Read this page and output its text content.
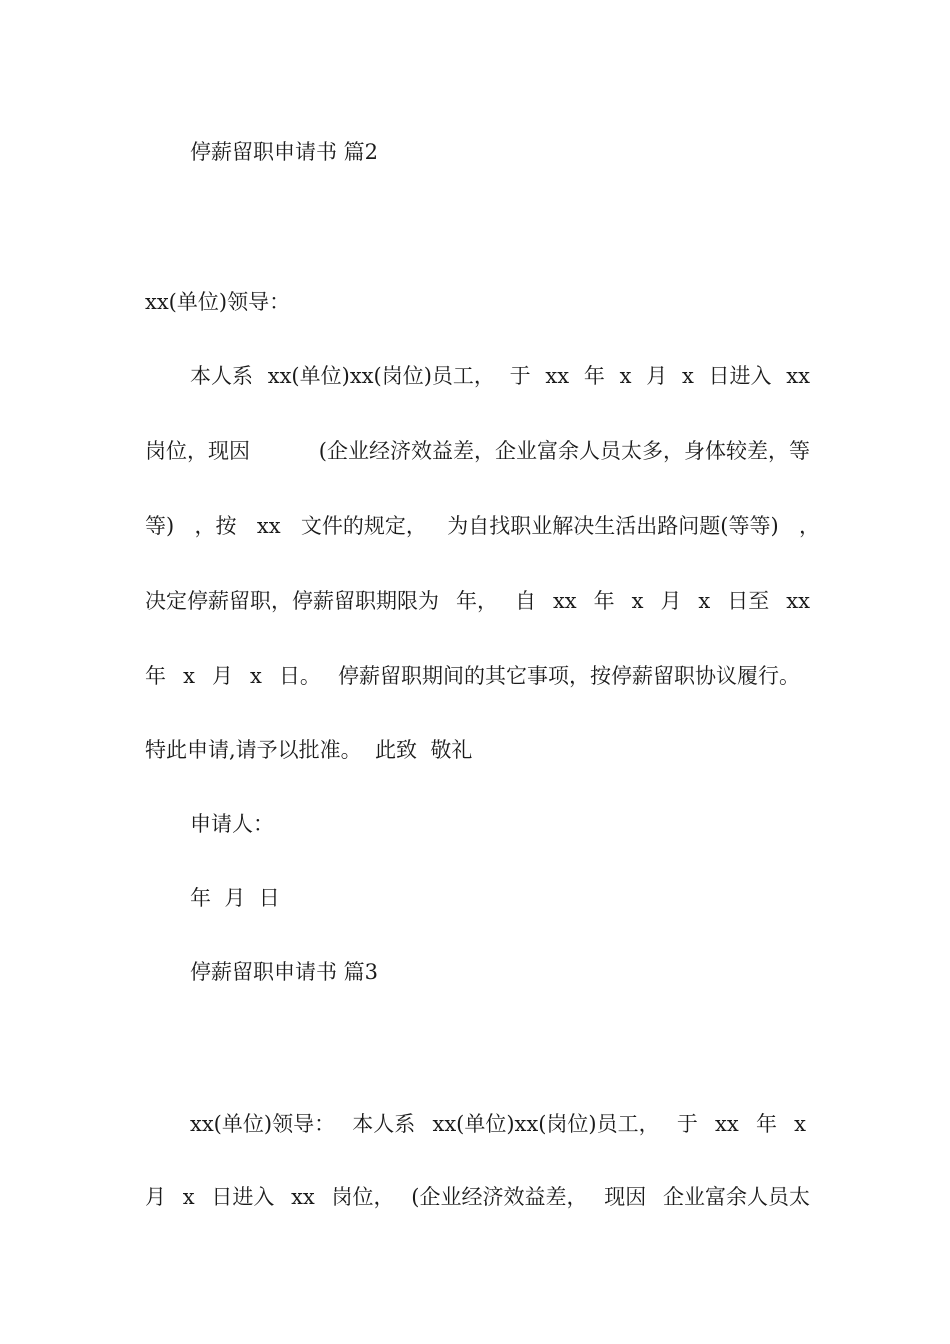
停薪留职申请书 篇2
xx(单位)领导：
本人系 xx(单位)xx(岗位)员工， 于 xx 年 x 月 x 日进入 xx
岗位，现因	(企业经济效益差，企业富余人员太多，身体较差，等
等) ，按 xx 文件的规定， 为自找职业解决生活出路问题(等等) ，
决定停薪留职，停薪留职期限为 年， 自 xx 年 x 月 x 日至 xx
年 x 月 x 日。 停薪留职期间的其它事项，按停薪留职协议履行。
特此申请,请予以批准。  此致  敬礼
申请人：
年  月  日
停薪留职申请书 篇3
xx(单位)领导： 本人系 xx(单位)xx(岗位)员工， 于 xx 年 x
月 x 日进入 xx 岗位， (企业经济效益差， 现因 企业富余人员太
